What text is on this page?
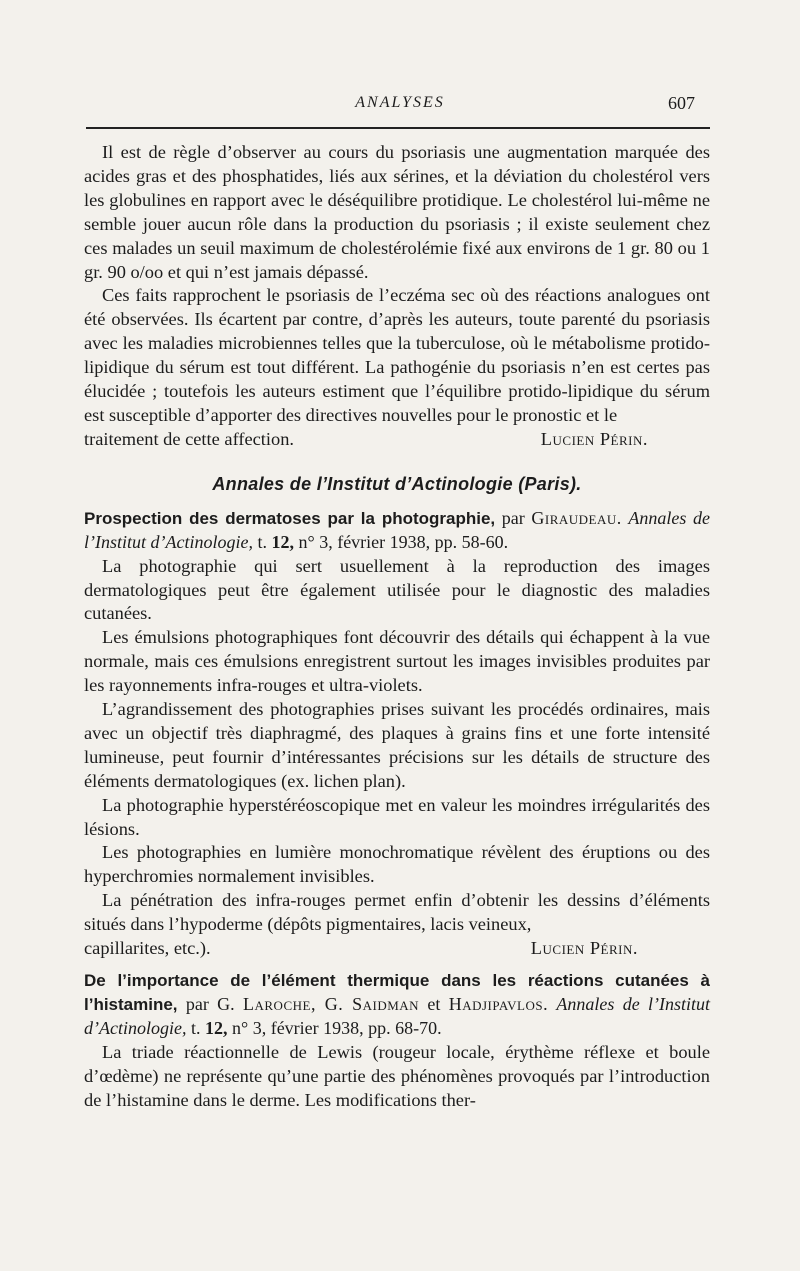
ANALYSES	607

Il est de règle d’observer au cours du psoriasis une augmentation marquée des acides gras et des phosphatides, liés aux sérines, et la déviation du cholestérol vers les globulines en rapport avec le déséquilibre protidique. Le cholestérol lui-même ne semble jouer aucun rôle dans la production du psoriasis ; il existe seulement chez ces malades un seuil maximum de cholestérolémie fixé aux environs de 1 gr. 80 ou 1 gr. 90 o/oo et qui n’est jamais dépassé.

Ces faits rapprochent le psoriasis de l’eczéma sec où des réactions analogues ont été observées. Ils écartent par contre, d’après les auteurs, toute parenté du psoriasis avec les maladies microbiennes telles que la tuberculose, où le métabolisme protido-lipidique du sérum est tout différent. La pathogénie du psoriasis n’en est certes pas élucidée ; toutefois les auteurs estiment que l’équilibre protido-lipidique du sérum est susceptible d’apporter des directives nouvelles pour le pronostic et le

traitement de cette affection.	Lucien Périn.

Annales de l’Institut d’Actinologie (Paris).
Prospection des dermatoses par la photographie, par Giraudeau. Annales de l’Institut d’Actinologie, t. 12, n° 3, février 1938, pp. 58-60.

La photographie qui sert usuellement à la reproduction des images dermatologiques peut être également utilisée pour le diagnostic des maladies cutanées.

Les émulsions photographiques font découvrir des détails qui échappent à la vue normale, mais ces émulsions enregistrent surtout les images invisibles produites par les rayonnements infra-rouges et ultra-violets.

L’agrandissement des photographies prises suivant les procédés ordinaires, mais avec un objectif très diaphragmé, des plaques à grains fins et une forte intensité lumineuse, peut fournir d’intéressantes précisions sur les détails de structure des éléments dermatologiques (ex. lichen plan).

La photographie hyperstéréoscopique met en valeur les moindres irrégularités des lésions.

Les photographies en lumière monochromatique révèlent des éruptions ou des hyperchromies normalement invisibles.

La pénétration des infra-rouges permet enfin d’obtenir les dessins d’éléments situés dans l’hypoderme (dépôts pigmentaires, lacis veineux,

capillarites, etc.).	Lucien Périn.

De l’importance de l’élément thermique dans les réactions cutanées à l’histamine, par G. Laroche, G. Saidman et Hadjipavlos. Annales de l’Institut d’Actinologie, t. 12, n° 3, février 1938, pp. 68-70.

La triade réactionnelle de Lewis (rougeur locale, érythème réflexe et boule d’œdème) ne représente qu’une partie des phénomènes provoqués par l’introduction de l’histamine dans le derme. Les modifications ther-
